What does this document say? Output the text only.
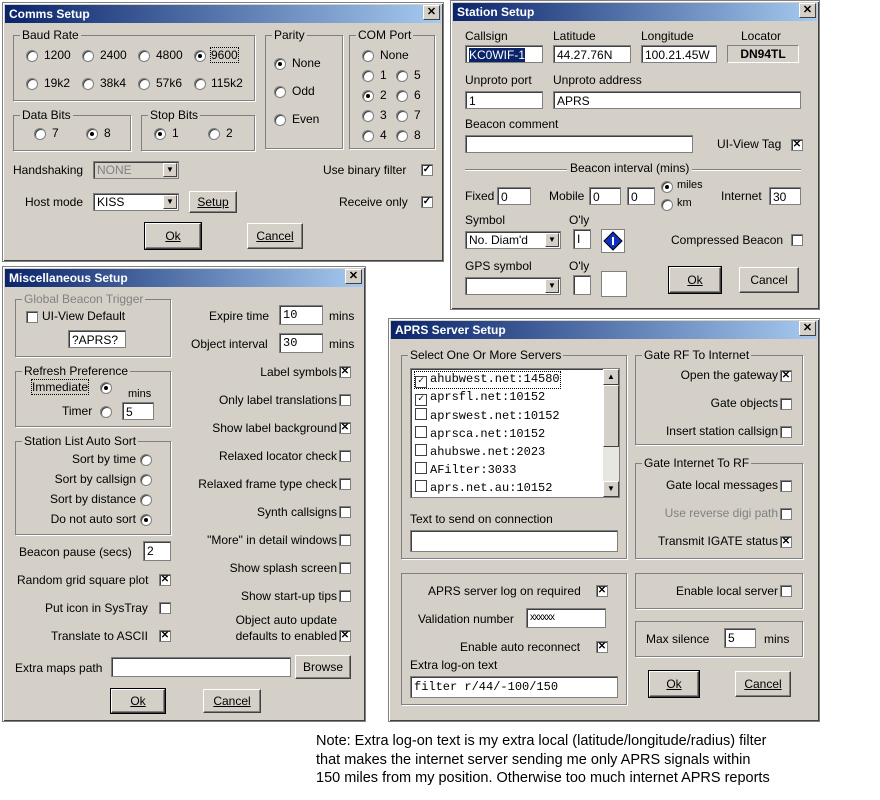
Comms Setup	✕
Baud Rate
1200 2400 4800 9600
19k2 38k4 57k6 115k2
Parity
None
Odd
Even
COM Port
None
1 5
2 6
3 7
4 8
Data Bits
7	8
Stop Bits
1	2
Handshaking	NONE	▼	Use binary filter ✓
Host mode	KISS	▼	Setup	Receive only ✓
Ok	Cancel
Station Setup	✕
Callsign
KC0WIF-1
Latitude
44.27.76N
Longitude
100.21.45W
Locator
DN94TL
Unproto port
1
Unproto address
APRS
Beacon comment
UI-View Tag ✕
Beacon interval (mins)
Fixed 0	Mobile 0	0
miles
km Internet 30
Symbol	O'ly
No. Diam'd	▼	I	Compressed Beacon
GPS symbol	O'ly
▼	Ok	Cancel
Miscellaneous Setup	✕
Global Beacon Trigger
UI-View Default
?APRS?
Refresh Preference
Immediate	mins
Timer	5
Station List Auto Sort
Sort by time
Sort by callsign
Sort by distance
Do not auto sort
Expire time	10	mins
Object interval	30	mins
Label symbols ✕
Only label translations
Show label background ✕
Relaxed locator check
Relaxed frame type check
Synth callsigns
"More" in detail windows
Show splash screen
Show start-up tips
Object auto update
defaults to enabled ✕
Beacon pause (secs)	2
Random grid square plot ✕
Put icon in SysTray
Translate to ASCII ✕
Extra maps path	Browse
Ok	Cancel
APRS Server Setup	✕
Select One Or More Servers
✓ ahubwest.net:14580
✓ aprsfl.net:10152
aprswest.net:10152
aprsca.net:10152
ahubswe.net:2023
AFilter:3033
aprs.net.au:10152
▲
▼
Text to send on connection
Gate RF To Internet
Open the gateway ✕
Gate objects
Insert station callsign
Gate Internet To RF
Gate local messages
Use reverse digi path
Transmit IGATE status ✕
APRS server log on required ✕
Validation number	xxxxxx
Enable auto reconnect ✕
Extra log-on text
filter r/44/-100/150
Enable local server
Max silence	5	mins
Ok	Cancel
Note: Extra log-on text is my extra local (latitude/longitude/radius) filter
that makes the internet server sending me only APRS signals within
150 miles from my position. Otherwise too much internet APRS reports
